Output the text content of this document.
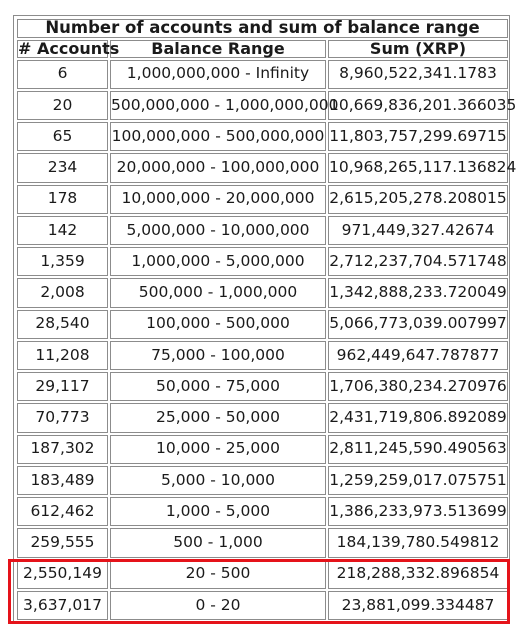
Number of accounts and sum of balance range		
# Accounts	Balance Range	Sum (XRP)
6	1,000,000,000 - Infinity	8,960,522,341.1783
20	500,000,000 - 1,000,000,000	10,669,836,201.366035
65	100,000,000 - 500,000,000	11,803,757,299.69715
234	20,000,000 - 100,000,000	10,968,265,117.136824
178	10,000,000 - 20,000,000	2,615,205,278.208015
142	5,000,000 - 10,000,000	971,449,327.42674
1,359	1,000,000 - 5,000,000	2,712,237,704.571748
2,008	500,000 - 1,000,000	1,342,888,233.720049
28,540	100,000 - 500,000	5,066,773,039.007997
11,208	75,000 - 100,000	962,449,647.787877
29,117	50,000 - 75,000	1,706,380,234.270976
70,773	25,000 - 50,000	2,431,719,806.892089
187,302	10,000 - 25,000	2,811,245,590.490563
183,489	5,000 - 10,000	1,259,259,017.075751
612,462	1,000 - 5,000	1,386,233,973.513699
259,555	500 - 1,000	184,139,780.549812
2,550,149	20 - 500	218,288,332.896854
3,637,017	0 - 20	23,881,099.334487
